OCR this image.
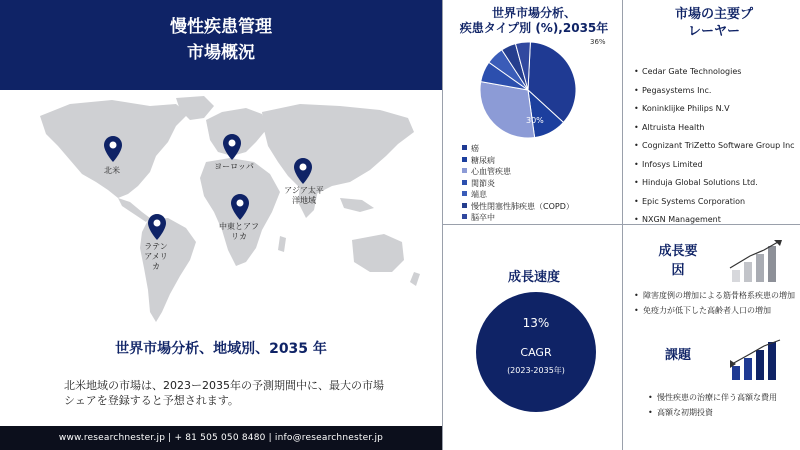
慢性疾患管理
市場概況
北米	ヨーロッパ
アジア太平洋地域
中東とアフリカ
ラテンアメリカ
世界市場分析、地域別、2035 年
北米地域の市場は、2023ー2035年の予測期間中に、最大の市場シェアを登録すると予想されます。
www.researchnester.jp | + 81 505 050 8480 | info@researchnester.jp
世界市場分析、
疾患タイプ別 (%),2035年
36%
30%
癌
糖尿病
心血管疾患
関節炎
端息
慢性閉塞性肺疾患（COPD）
脳卒中
市場の主要プ
レーヤー
• Cedar Gate Technologies
• Pegasystems Inc.
• Koninklijke Philips N.V
• Altruista Health
• Cognizant TriZetto Software Group Inc
• Infosys Limited
• Hinduja Global Solutions Ltd.
• Epic Systems Corporation
• NXGN Management
成長速度
13%
CAGR
(2023-2035年)
成長要
因
• 障害度例の増加による筋骨格系疾患の増加
• 免疫力が低下した高齢者人口の増加
課題
• 慢性疾患の治療に伴う高額な費用
• 高額な初期投資
